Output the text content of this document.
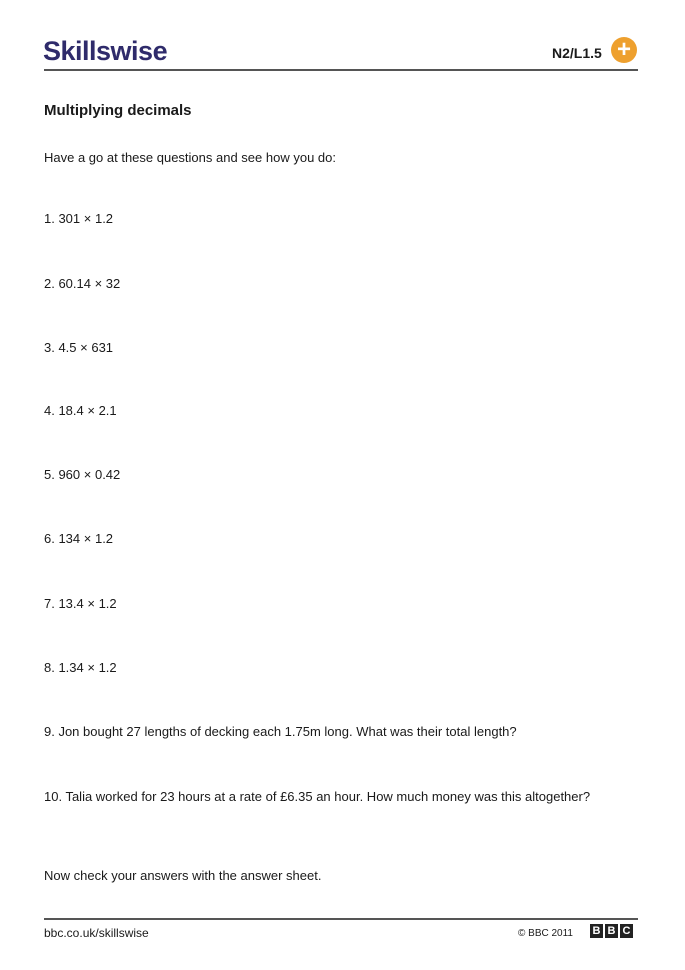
Skillswise	N2/L1.5 +
Multiplying decimals
Have a go at these questions and see how you do:
1. 301 × 1.2
2. 60.14 × 32
3. 4.5 × 631
4. 18.4 × 2.1
5. 960 × 0.42
6. 134 × 1.2
7. 13.4 × 1.2
8. 1.34 × 1.2
9. Jon bought 27 lengths of decking each 1.75m long. What was their total length?
10. Talia worked for 23 hours at a rate of £6.35 an hour. How much money was this altogether?
Now check your answers with the answer sheet.
bbc.co.uk/skillswise	© BBC 2011 B B C
